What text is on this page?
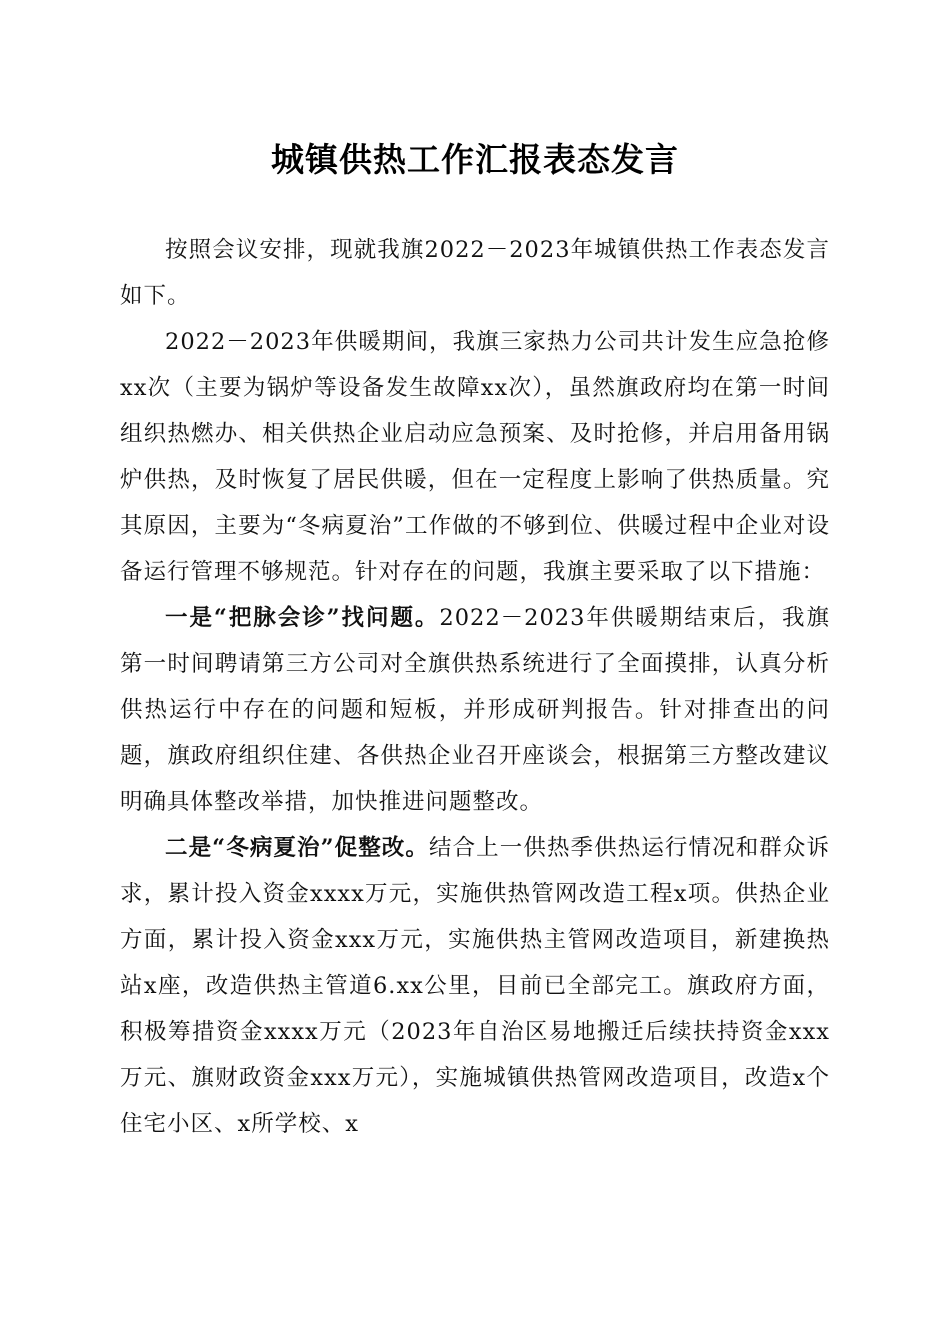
城镇供热工作汇报表态发言

按照会议安排，现就我旗2022－2023年城镇供热工作表态发言如下。

2022－2023年供暖期间，我旗三家热力公司共计发生应急抢修xx次（主要为锅炉等设备发生故障xx次），虽然旗政府均在第一时间组织热燃办、相关供热企业启动应急预案、及时抢修，并启用备用锅炉供热，及时恢复了居民供暖，但在一定程度上影响了供热质量。究其原因，主要为“冬病夏治”工作做的不够到位、供暖过程中企业对设备运行管理不够规范。针对存在的问题，我旗主要采取了以下措施：

一是“把脉会诊”找问题。2022－2023年供暖期结束后，我旗第一时间聘请第三方公司对全旗供热系统进行了全面摸排，认真分析供热运行中存在的问题和短板，并形成研判报告。针对排查出的问题，旗政府组织住建、各供热企业召开座谈会，根据第三方整改建议明确具体整改举措，加快推进问题整改。

二是“冬病夏治”促整改。结合上一供热季供热运行情况和群众诉求，累计投入资金xxxx万元，实施供热管网改造工程x项。供热企业方面，累计投入资金xxx万元，实施供热主管网改造项目，新建换热站x座，改造供热主管道6.xx公里，目前已全部完工。旗政府方面，积极筹措资金xxxx万元（2023年自治区易地搬迁后续扶持资金xxx万元、旗财政资金xxx万元），实施城镇供热管网改造项目，改造x个住宅小区、x所学校、x
